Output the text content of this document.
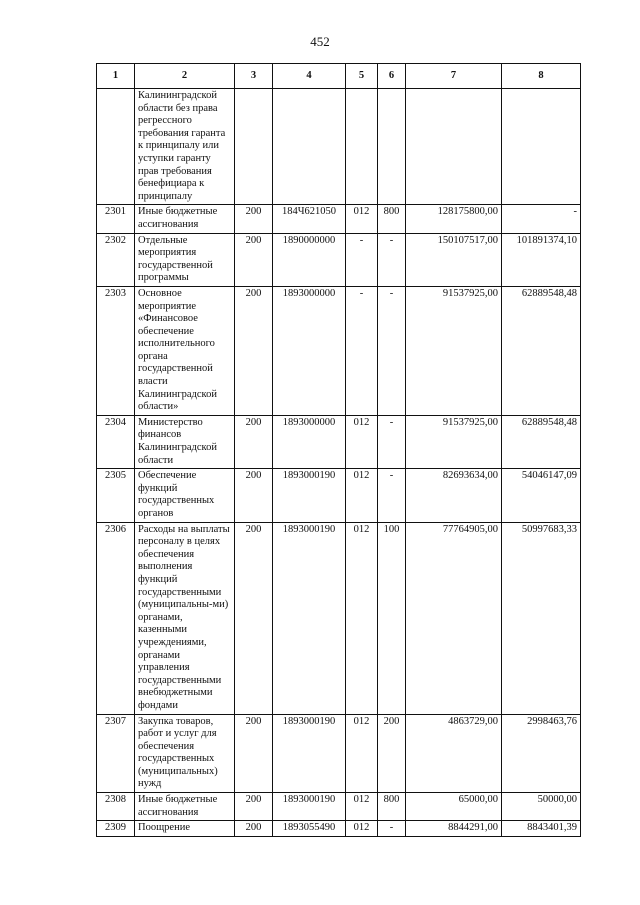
452
1	2	3	4	5	6	7	8
	Калининградской области без права регрессного требования гаранта к принципалу или уступки гаранту прав требования бенефициара к принципалу						
2301	Иные бюджетные ассигнования	200	184Ч621050	012	800	128175800,00	-
2302	Отдельные мероприятия государственной программы	200	1890000000	-	-	150107517,00	101891374,10
2303	Основное мероприятие «Финансовое обеспечение исполнительного органа государственной власти Калининградской области»	200	1893000000	-	-	91537925,00	62889548,48
2304	Министерство финансов Калининградской области	200	1893000000	012	-	91537925,00	62889548,48
2305	Обеспечение функций государственных органов	200	1893000190	012	-	82693634,00	54046147,09
2306	Расходы на выплаты персоналу в целях обеспечения выполнения функций государственными (муниципальны-ми) органами, казенными учреждениями, органами управления государственными внебюджетными фондами	200	1893000190	012	100	77764905,00	50997683,33
2307	Закупка товаров, работ и услуг для обеспечения государственных (муниципальных) нужд	200	1893000190	012	200	4863729,00	2998463,76
2308	Иные бюджетные ассигнования	200	1893000190	012	800	65000,00	50000,00
2309	Поощрение	200	1893055490	012	-	8844291,00	8843401,39
